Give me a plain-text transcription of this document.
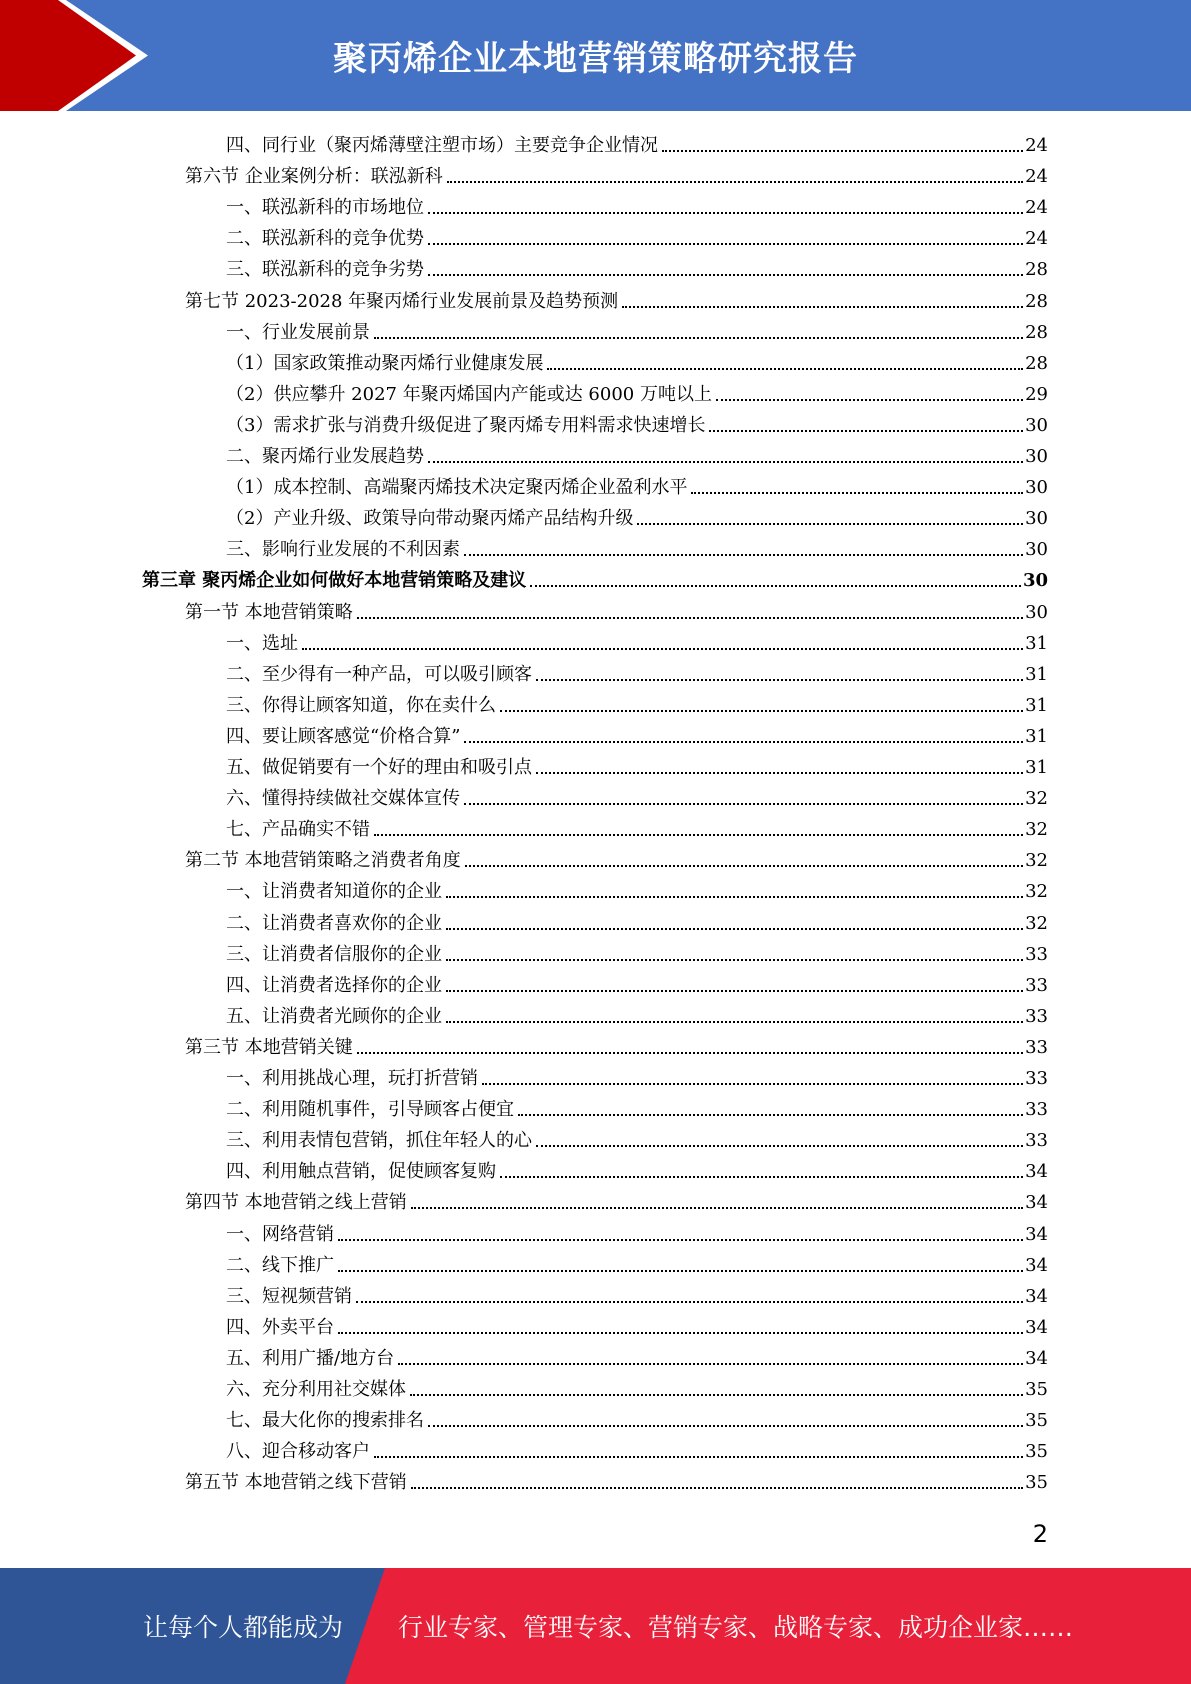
聚丙烯企业本地营销策略研究报告
四、同行业（聚丙烯薄壁注塑市场）主要竞争企业情况	24
第六节 企业案例分析：联泓新科	24
一、联泓新科的市场地位	24
二、联泓新科的竞争优势	24
三、联泓新科的竞争劣势	28
第七节 2023-2028 年聚丙烯行业发展前景及趋势预测	28
一、行业发展前景	28
（1）国家政策推动聚丙烯行业健康发展	28
（2）供应攀升 2027 年聚丙烯国内产能或达 6000 万吨以上	29
（3）需求扩张与消费升级促进了聚丙烯专用料需求快速增长	30
二、聚丙烯行业发展趋势	30
（1）成本控制、高端聚丙烯技术决定聚丙烯企业盈利水平	30
（2）产业升级、政策导向带动聚丙烯产品结构升级	30
三、影响行业发展的不利因素	30
第三章 聚丙烯企业如何做好本地营销策略及建议	30
第一节 本地营销策略	30
一、选址	31
二、至少得有一种产品，可以吸引顾客	31
三、你得让顾客知道，你在卖什么	31
四、要让顾客感觉“价格合算”	31
五、做促销要有一个好的理由和吸引点	31
六、懂得持续做社交媒体宣传	32
七、产品确实不错	32
第二节 本地营销策略之消费者角度	32
一、让消费者知道你的企业	32
二、让消费者喜欢你的企业	32
三、让消费者信服你的企业	33
四、让消费者选择你的企业	33
五、让消费者光顾你的企业	33
第三节 本地营销关键	33
一、利用挑战心理，玩打折营销	33
二、利用随机事件，引导顾客占便宜	33
三、利用表情包营销，抓住年轻人的心	33
四、利用触点营销，促使顾客复购	34
第四节 本地营销之线上营销	34
一、网络营销	34
二、线下推广	34
三、短视频营销	34
四、外卖平台	34
五、利用广播/地方台	34
六、充分利用社交媒体	35
七、最大化你的搜索排名	35
八、迎合移动客户	35
第五节 本地营销之线下营销	35
2
让每个人都能成为 行业专家、管理专家、营销专家、战略专家、成功企业家……
